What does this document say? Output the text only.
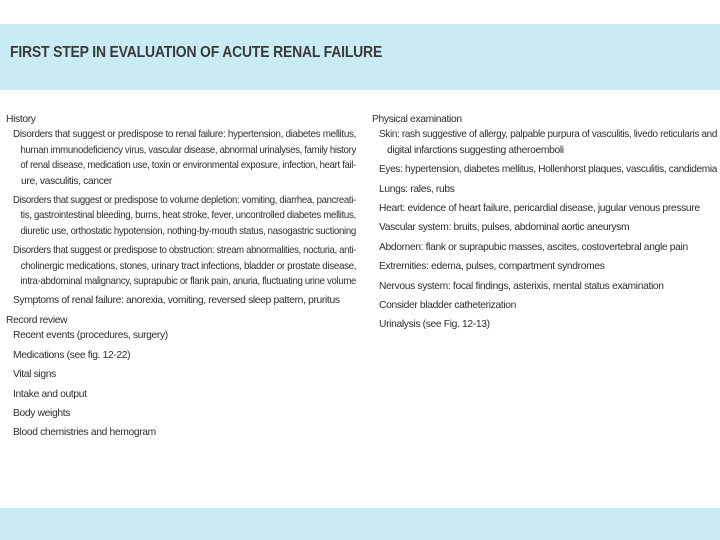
FIRST STEP IN EVALUATION OF ACUTE RENAL FAILURE
History
Disorders that suggest or predispose to renal failure: hypertension, diabetes mellitus,
human immunodeficiency virus, vascular disease, abnormal urinalyses, family history
of renal disease, medication use, toxin or environmental exposure, infection, heart fail-
ure, vasculitis, cancer
Disorders that suggest or predispose to volume depletion: vomiting, diarrhea, pancreati-
tis, gastrointestinal bleeding, burns, heat stroke, fever, uncontrolled diabetes mellitus,
diuretic use, orthostatic hypotension, nothing-by-mouth status, nasogastric suctioning
Disorders that suggest or predispose to obstruction: stream abnormalities, nocturia, anti-
cholinergic medications, stones, urinary tract infections, bladder or prostate disease,
intra-abdominal malignancy, suprapubic or flank pain, anuria, fluctuating urine volume
Symptoms of renal failure: anorexia, vomiting, reversed sleep pattern, pruritus
Record review
Recent events (procedures, surgery)
Medications (see fig. 12-22)
Vital signs
Intake and output
Body weights
Blood chemistries and hemogram
Physical examination
Skin: rash suggestive of allergy, palpable purpura of vasculitis, livedo reticularis and
digital infarctions suggesting atheroemboli
Eyes: hypertension, diabetes mellitus, Hollenhorst plaques, vasculitis, candidemia
Lungs: rales, rubs
Heart: evidence of heart failure, pericardial disease, jugular venous pressure
Vascular system: bruits, pulses, abdominal aortic aneurysm
Abdomen: flank or suprapubic masses, ascites, costovertebral angle pain
Extremities: edema, pulses, compartment syndromes
Nervous system: focal findings, asterixis, mental status examination
Consider bladder catheterization
Urinalysis (see Fig. 12-13)
